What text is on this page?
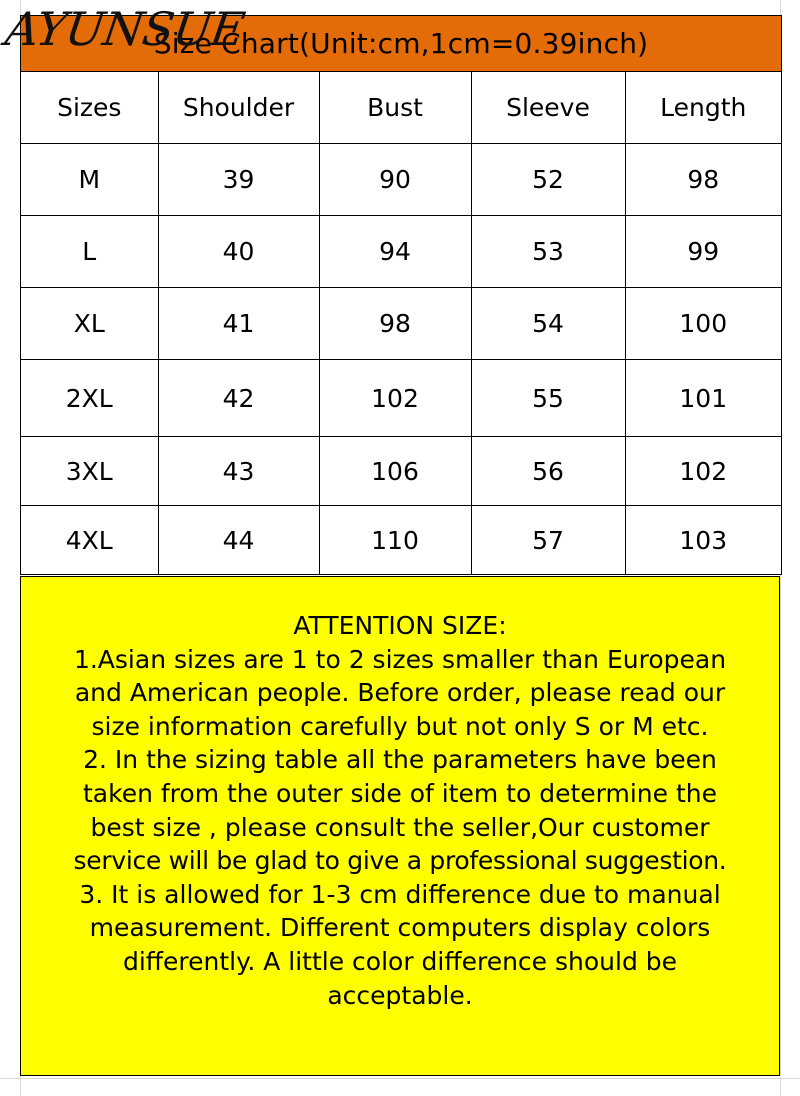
Size Chart(Unit:cm,1cm=0.39inch)
Sizes	Shoulder	Bust	Sleeve	Length
M	39	90	52	98
L	40	94	53	99
XL	41	98	54	100
2XL	42	102	55	101
3XL	43	106	56	102
4XL	44	110	57	103
ATTENTION SIZE:
1.Asian sizes are 1 to 2 sizes smaller than European
and American people. Before order, please read our
size information carefully but not only S or M etc.
2. In the sizing table all the parameters have been
taken from the outer side of item to determine the
best size , please consult the seller,Our customer
service will be glad to give a professional suggestion.
3. It is allowed for 1-3 cm difference due to manual
measurement. Different computers display colors
differently. A little color difference should be
acceptable.
AYUNSUE
